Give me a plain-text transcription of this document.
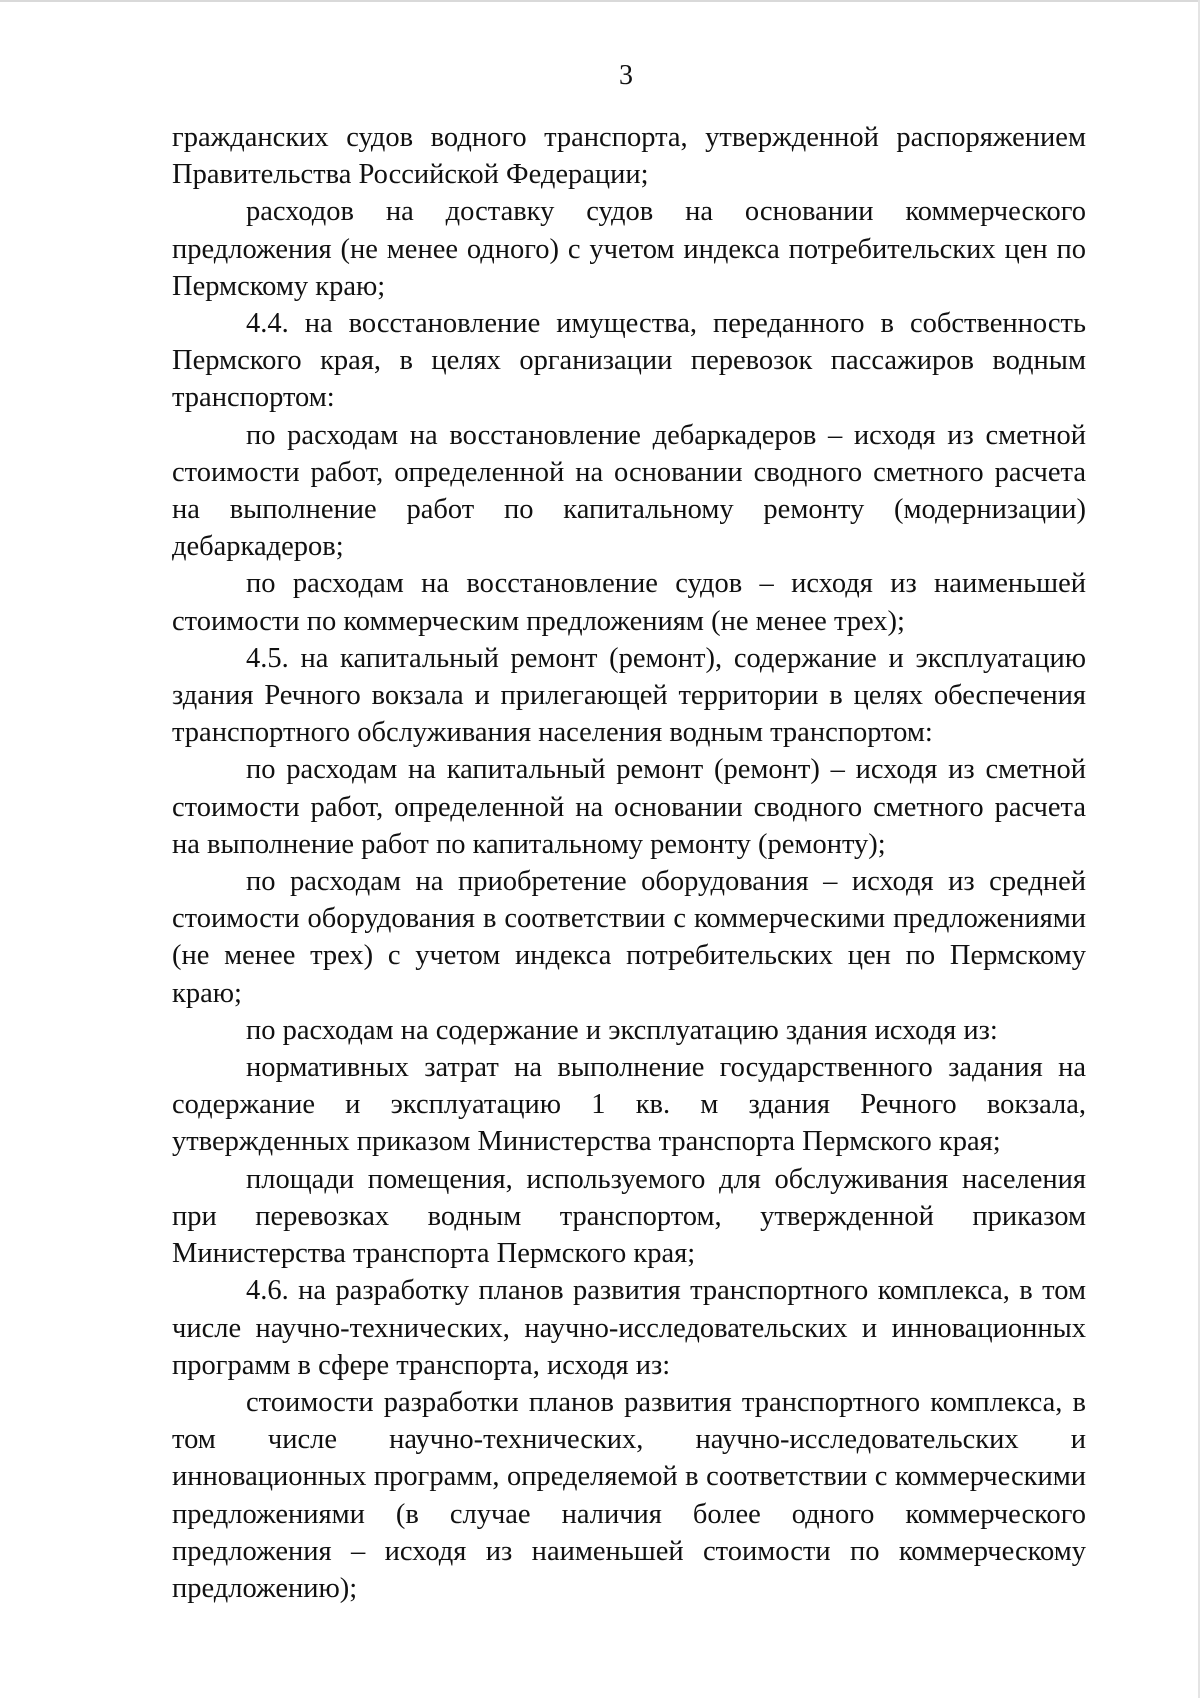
3

гражданских судов водного транспорта, утвержденной распоряжением Правительства Российской Федерации;

расходов на доставку судов на основании коммерческого предложения (не менее одного) с учетом индекса потребительских цен по Пермскому краю;

4.4. на восстановление имущества, переданного в собственность Пермского края, в целях организации перевозок пассажиров водным транспортом:

по расходам на восстановление дебаркадеров – исходя из сметной стоимости работ, определенной на основании сводного сметного расчета на выполнение работ по капитальному ремонту (модернизации) дебаркадеров;

по расходам на восстановление судов – исходя из наименьшей стоимости по коммерческим предложениям (не менее трех);

4.5. на капитальный ремонт (ремонт), содержание и эксплуатацию здания Речного вокзала и прилегающей территории в целях обеспечения транспортного обслуживания населения водным транспортом:

по расходам на капитальный ремонт (ремонт) – исходя из сметной стоимости работ, определенной на основании сводного сметного расчета на выполнение работ по капитальному ремонту (ремонту);

по расходам на приобретение оборудования – исходя из средней стоимости оборудования в соответствии с коммерческими предложениями (не менее трех) с учетом индекса потребительских цен по Пермскому краю;

по расходам на содержание и эксплуатацию здания исходя из:

нормативных затрат на выполнение государственного задания на содержание и эксплуатацию 1 кв. м здания Речного вокзала, утвержденных приказом Министерства транспорта Пермского края;

площади помещения, используемого для обслуживания населения при перевозках водным транспортом, утвержденной приказом Министерства транспорта Пермского края;

4.6. на разработку планов развития транспортного комплекса, в том числе научно-технических, научно-исследовательских и инновационных программ в сфере транспорта, исходя из:

стоимости разработки планов развития транспортного комплекса, в том числе научно-технических, научно-исследовательских и инновационных программ, определяемой в соответствии с коммерческими предложениями (в случае наличия более одного коммерческого предложения – исходя из наименьшей стоимости по коммерческому предложению);
